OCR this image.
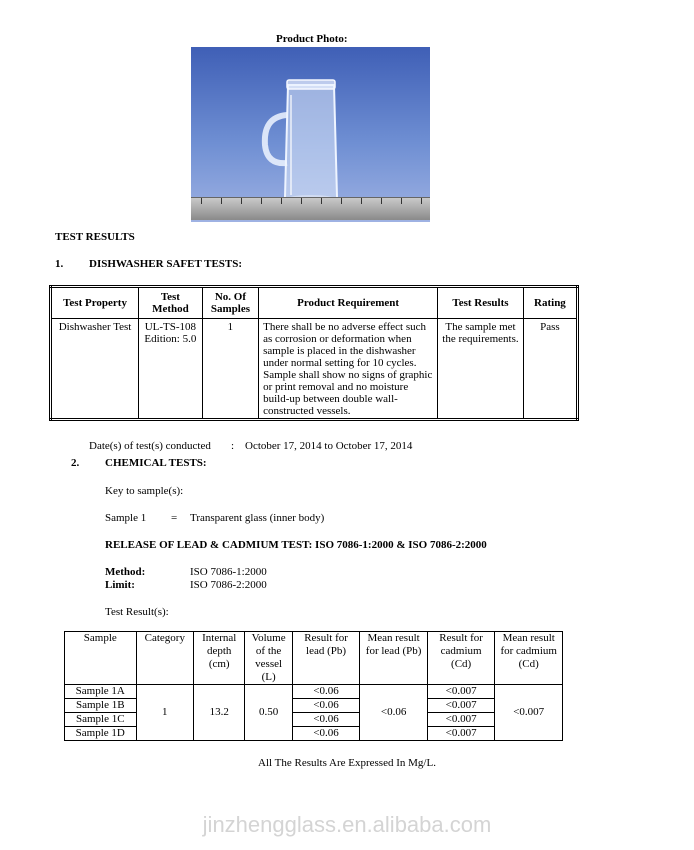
Product Photo:
TEST RESULTS
1. DISHWASHER SAFET TESTS:
Test Property	Test Method	No. Of Samples	Product Requirement	Test Results	Rating
Dishwasher Test	UL-TS-108 Edition: 5.0	1	There shall be no adverse effect such as corrosion or deformation when sample is placed in the dishwasher under normal setting for 10 cycles. Sample shall show no signs of graphic or print removal and no moisture build-up between double wall-constructed vessels.	The sample met the requirements.	Pass
Date(s) of test(s) conducted : October 17, 2014 to October 17, 2014
2. CHEMICAL TESTS:
Key to sample(s):
Sample 1 = Transparent glass (inner body)
RELEASE OF LEAD & CADMIUM TEST: ISO 7086-1:2000 & ISO 7086-2:2000
Method:	ISO 7086-1:2000
Limit:	ISO 7086-2:2000
Test Result(s):
Sample	Category	Internal depth (cm)	Volume of the vessel (L)	Result for lead (Pb)	Mean result for lead (Pb)	Result for cadmium (Cd)	Mean result for cadmium (Cd)
Sample 1A	1	13.2	0.50	<0.06	<0.06	<0.007	<0.007
Sample 1B				<0.06		<0.007	
Sample 1C				<0.06		<0.007	
Sample 1D				<0.06		<0.007	
All The Results Are Expressed In Mg/L.
jinzhengglass.en.alibaba.com
